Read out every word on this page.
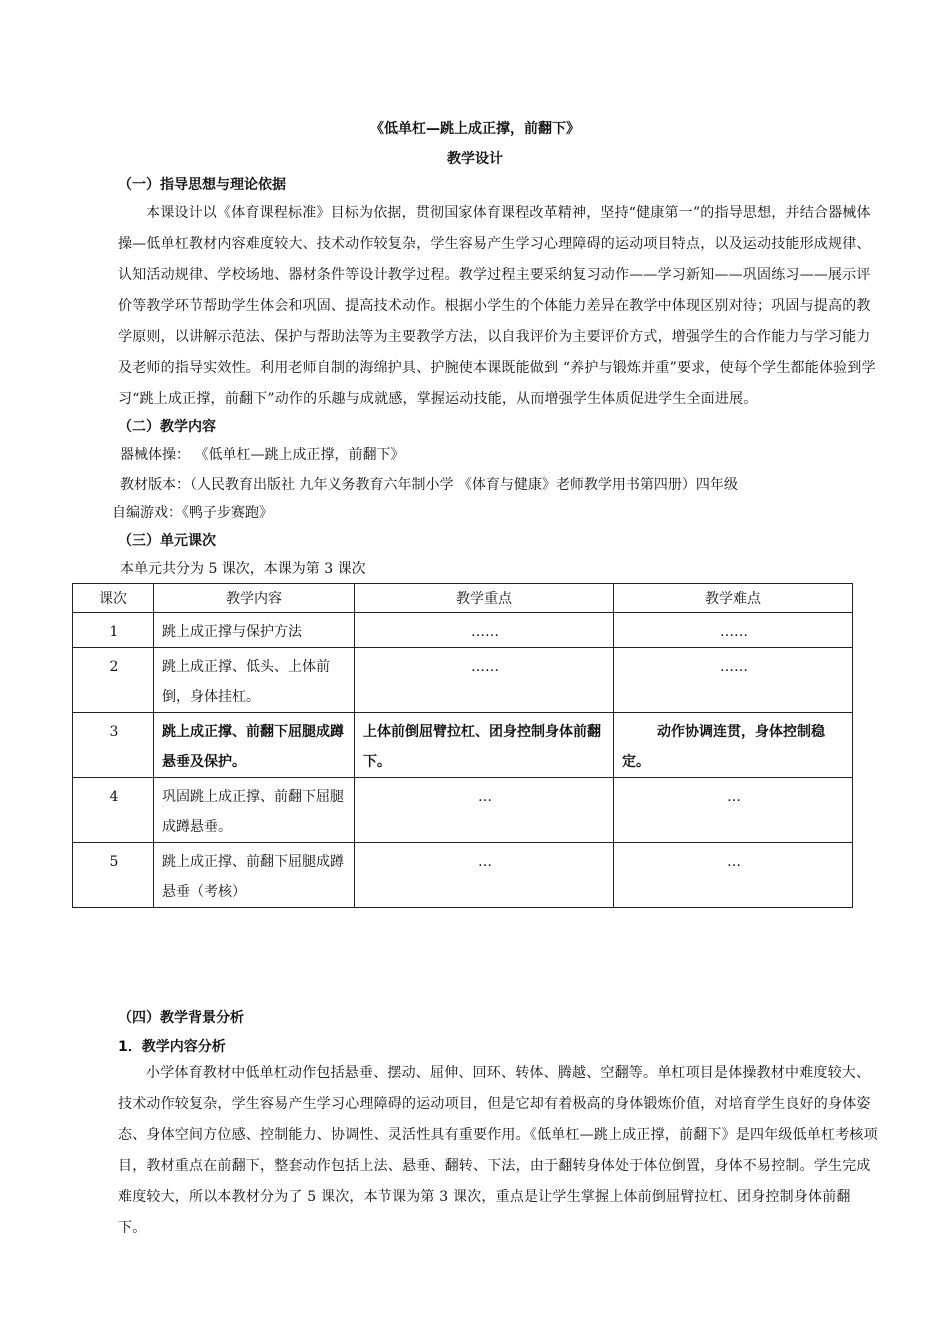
《低单杠—跳上成正撑，前翻下》
教学设计
（一）指导思想与理论依据

本课设计以《体育课程标准》目标为依据，贯彻国家体育课程改革精神，坚持“健康第一”的指导思想，并结合器械体操—低单杠教材内容难度较大、技术动作较复杂，学生容易产生学习心理障碍的运动项目特点，以及运动技能形成规律、认知活动规律、学校场地、器材条件等设计教学过程。教学过程主要采纳复习动作——学习新知——巩固练习——展示评价等教学环节帮助学生体会和巩固、提高技术动作。根据小学生的个体能力差异在教学中体现区别对待；巩固与提高的教学原则，以讲解示范法、保护与帮助法等为主要教学方法，以自我评价为主要评价方式，增强学生的合作能力与学习能力及老师的指导实效性。利用老师自制的海绵护具、护腕使本课既能做到 “养护与锻炼并重”要求，使每个学生都能体验到学习“跳上成正撑，前翻下”动作的乐趣与成就感，掌握运动技能，从而增强学生体质促进学生全面进展。

（二）教学内容
器械体操： 《低单杠—跳上成正撑，前翻下》
教材版本：（人民教育出版社 九年义务教育六年制小学 《体育与健康》老师教学用书第四册）四年级
自编游戏：《鸭子步赛跑》
（三）单元课次
本单元共分为 5 课次，本课为第 3 课次
课次	教学内容	教学重点	教学难点

1	跳上成正撑与保护方法	……	……

2	跳上成正撑、低头、上体前倒，身体挂杠。	……	……

3	跳上成正撑、前翻下屈腿成蹲悬垂及保护。	上体前倒屈臂拉杠、团身控制身体前翻下。	动作协调连贯，身体控制稳定。

4	巩固跳上成正撑、前翻下屈腿成蹲悬垂。	…	…

5	跳上成正撑、前翻下屈腿成蹲悬垂（考核）	…	…
（四）教学背景分析
1．教学内容分析

小学体育教材中低单杠动作包括悬垂、摆动、屈伸、回环、转体、腾越、空翻等。单杠项目是体操教材中难度较大、技术动作较复杂，学生容易产生学习心理障碍的运动项目，但是它却有着极高的身体锻炼价值，对培育学生良好的身体姿态、身体空间方位感、控制能力、协调性、灵活性具有重要作用。《低单杠—跳上成正撑，前翻下》是四年级低单杠考核项目，教材重点在前翻下，整套动作包括上法、悬垂、翻转、下法，由于翻转身体处于体位倒置，身体不易控制。学生完成难度较大，所以本教材分为了 5 课次，本节课为第 3 课次，重点是让学生掌握上体前倒屈臂拉杠、团身控制身体前翻下。
